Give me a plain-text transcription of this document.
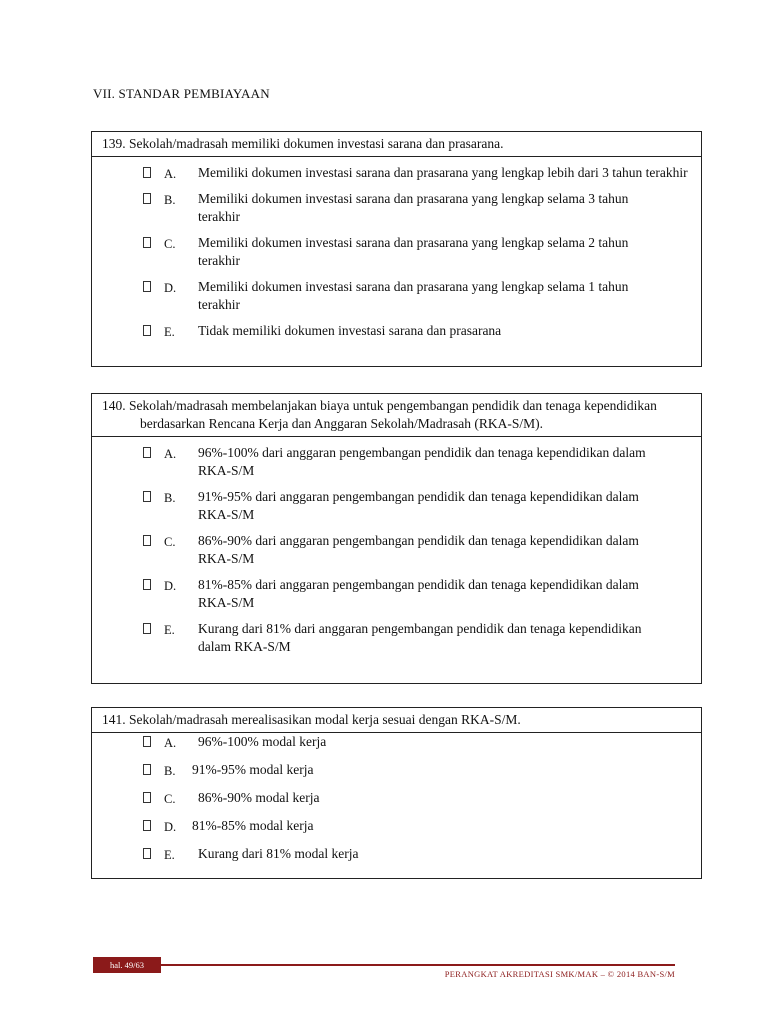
VII. STANDAR PEMBIAYAAN
139. Sekolah/madrasah memiliki dokumen investasi sarana dan prasarana.
A. Memiliki dokumen investasi sarana dan prasarana yang lengkap lebih dari 3 tahun terakhir
B. Memiliki dokumen investasi sarana dan prasarana yang lengkap selama 3 tahun terakhir
C. Memiliki dokumen investasi sarana dan prasarana yang lengkap selama 2 tahun terakhir
D. Memiliki dokumen investasi sarana dan prasarana yang lengkap selama 1 tahun terakhir
E. Tidak memiliki dokumen investasi sarana dan prasarana
140. Sekolah/madrasah membelanjakan biaya untuk pengembangan pendidik dan tenaga kependidikan berdasarkan Rencana Kerja dan Anggaran Sekolah/Madrasah (RKA-S/M).
A. 96%-100% dari anggaran pengembangan pendidik dan tenaga kependidikan dalam RKA-S/M
B. 91%-95% dari anggaran pengembangan pendidik dan tenaga kependidikan dalam RKA-S/M
C. 86%-90% dari anggaran pengembangan pendidik dan tenaga kependidikan dalam RKA-S/M
D. 81%-85% dari anggaran pengembangan pendidik dan tenaga kependidikan dalam RKA-S/M
E. Kurang dari 81% dari anggaran pengembangan pendidik dan tenaga kependidikan dalam RKA-S/M
141. Sekolah/madrasah merealisasikan modal kerja sesuai dengan RKA-S/M.
A. 96%-100% modal kerja
B. 91%-95% modal kerja
C. 86%-90% modal kerja
D. 81%-85% modal kerja
E. Kurang dari 81% modal kerja
hal. 49/63
PERANGKAT AKREDITASI SMK/MAK – © 2014 BAN-S/M
